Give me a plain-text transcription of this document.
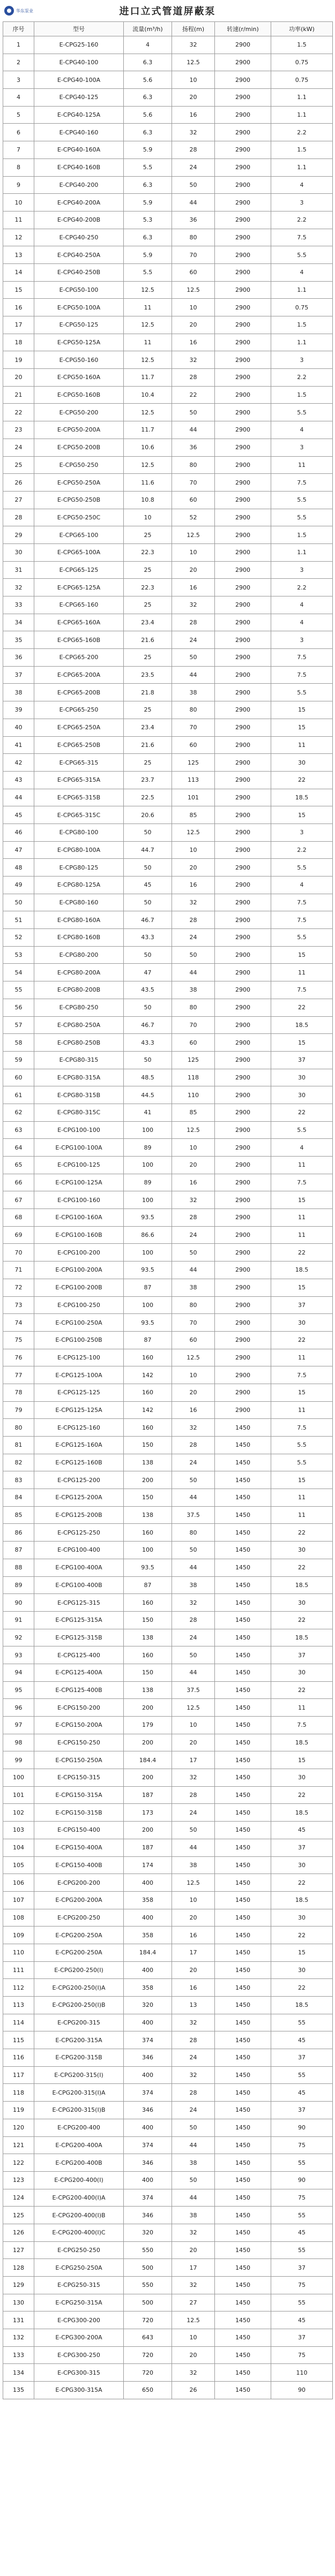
华东泵业	进口立式管道屏蔽泵
序号	型号	流量(m³/h)	扬程(m)	转速(r/min)	功率(kW)
1	E-CPG25-160	4	32	2900	1.5
2	E-CPG40-100	6.3	12.5	2900	0.75
3	E-CPG40-100A	5.6	10	2900	0.75
4	E-CPG40-125	6.3	20	2900	1.1
5	E-CPG40-125A	5.6	16	2900	1.1
6	E-CPG40-160	6.3	32	2900	2.2
7	E-CPG40-160A	5.9	28	2900	1.5
8	E-CPG40-160B	5.5	24	2900	1.1
9	E-CPG40-200	6.3	50	2900	4
10	E-CPG40-200A	5.9	44	2900	3
11	E-CPG40-200B	5.3	36	2900	2.2
12	E-CPG40-250	6.3	80	2900	7.5
13	E-CPG40-250A	5.9	70	2900	5.5
14	E-CPG40-250B	5.5	60	2900	4
15	E-CPG50-100	12.5	12.5	2900	1.1
16	E-CPG50-100A	11	10	2900	0.75
17	E-CPG50-125	12.5	20	2900	1.5
18	E-CPG50-125A	11	16	2900	1.1
19	E-CPG50-160	12.5	32	2900	3
20	E-CPG50-160A	11.7	28	2900	2.2
21	E-CPG50-160B	10.4	22	2900	1.5
22	E-CPG50-200	12.5	50	2900	5.5
23	E-CPG50-200A	11.7	44	2900	4
24	E-CPG50-200B	10.6	36	2900	3
25	E-CPG50-250	12.5	80	2900	11
26	E-CPG50-250A	11.6	70	2900	7.5
27	E-CPG50-250B	10.8	60	2900	5.5
28	E-CPG50-250C	10	52	2900	5.5
29	E-CPG65-100	25	12.5	2900	1.5
30	E-CPG65-100A	22.3	10	2900	1.1
31	E-CPG65-125	25	20	2900	3
32	E-CPG65-125A	22.3	16	2900	2.2
33	E-CPG65-160	25	32	2900	4
34	E-CPG65-160A	23.4	28	2900	4
35	E-CPG65-160B	21.6	24	2900	3
36	E-CPG65-200	25	50	2900	7.5
37	E-CPG65-200A	23.5	44	2900	7.5
38	E-CPG65-200B	21.8	38	2900	5.5
39	E-CPG65-250	25	80	2900	15
40	E-CPG65-250A	23.4	70	2900	15
41	E-CPG65-250B	21.6	60	2900	11
42	E-CPG65-315	25	125	2900	30
43	E-CPG65-315A	23.7	113	2900	22
44	E-CPG65-315B	22.5	101	2900	18.5
45	E-CPG65-315C	20.6	85	2900	15
46	E-CPG80-100	50	12.5	2900	3
47	E-CPG80-100A	44.7	10	2900	2.2
48	E-CPG80-125	50	20	2900	5.5
49	E-CPG80-125A	45	16	2900	4
50	E-CPG80-160	50	32	2900	7.5
51	E-CPG80-160A	46.7	28	2900	7.5
52	E-CPG80-160B	43.3	24	2900	5.5
53	E-CPG80-200	50	50	2900	15
54	E-CPG80-200A	47	44	2900	11
55	E-CPG80-200B	43.5	38	2900	7.5
56	E-CPG80-250	50	80	2900	22
57	E-CPG80-250A	46.7	70	2900	18.5
58	E-CPG80-250B	43.3	60	2900	15
59	E-CPG80-315	50	125	2900	37
60	E-CPG80-315A	48.5	118	2900	30
61	E-CPG80-315B	44.5	110	2900	30
62	E-CPG80-315C	41	85	2900	22
63	E-CPG100-100	100	12.5	2900	5.5
64	E-CPG100-100A	89	10	2900	4
65	E-CPG100-125	100	20	2900	11
66	E-CPG100-125A	89	16	2900	7.5
67	E-CPG100-160	100	32	2900	15
68	E-CPG100-160A	93.5	28	2900	11
69	E-CPG100-160B	86.6	24	2900	11
70	E-CPG100-200	100	50	2900	22
71	E-CPG100-200A	93.5	44	2900	18.5
72	E-CPG100-200B	87	38	2900	15
73	E-CPG100-250	100	80	2900	37
74	E-CPG100-250A	93.5	70	2900	30
75	E-CPG100-250B	87	60	2900	22
76	E-CPG125-100	160	12.5	2900	11
77	E-CPG125-100A	142	10	2900	7.5
78	E-CPG125-125	160	20	2900	15
79	E-CPG125-125A	142	16	2900	11
80	E-CPG125-160	160	32	1450	7.5
81	E-CPG125-160A	150	28	1450	5.5
82	E-CPG125-160B	138	24	1450	5.5
83	E-CPG125-200	200	50	1450	15
84	E-CPG125-200A	150	44	1450	11
85	E-CPG125-200B	138	37.5	1450	11
86	E-CPG125-250	160	80	1450	22
87	E-CPG100-400	100	50	1450	30
88	E-CPG100-400A	93.5	44	1450	22
89	E-CPG100-400B	87	38	1450	18.5
90	E-CPG125-315	160	32	1450	30
91	E-CPG125-315A	150	28	1450	22
92	E-CPG125-315B	138	24	1450	18.5
93	E-CPG125-400	160	50	1450	37
94	E-CPG125-400A	150	44	1450	30
95	E-CPG125-400B	138	37.5	1450	22
96	E-CPG150-200	200	12.5	1450	11
97	E-CPG150-200A	179	10	1450	7.5
98	E-CPG150-250	200	20	1450	18.5
99	E-CPG150-250A	184.4	17	1450	15
100	E-CPG150-315	200	32	1450	30
101	E-CPG150-315A	187	28	1450	22
102	E-CPG150-315B	173	24	1450	18.5
103	E-CPG150-400	200	50	1450	45
104	E-CPG150-400A	187	44	1450	37
105	E-CPG150-400B	174	38	1450	30
106	E-CPG200-200	400	12.5	1450	22
107	E-CPG200-200A	358	10	1450	18.5
108	E-CPG200-250	400	20	1450	30
109	E-CPG200-250A	358	16	1450	22
110	E-CPG200-250A	184.4	17	1450	15
111	E-CPG200-250(I)	400	20	1450	30
112	E-CPG200-250(I)A	358	16	1450	22
113	E-CPG200-250(I)B	320	13	1450	18.5
114	E-CPG200-315	400	32	1450	55
115	E-CPG200-315A	374	28	1450	45
116	E-CPG200-315B	346	24	1450	37
117	E-CPG200-315(I)	400	32	1450	55
118	E-CPG200-315(I)A	374	28	1450	45
119	E-CPG200-315(I)B	346	24	1450	37
120	E-CPG200-400	400	50	1450	90
121	E-CPG200-400A	374	44	1450	75
122	E-CPG200-400B	346	38	1450	55
123	E-CPG200-400(I)	400	50	1450	90
124	E-CPG200-400(I)A	374	44	1450	75
125	E-CPG200-400(I)B	346	38	1450	55
126	E-CPG200-400(I)C	320	32	1450	45
127	E-CPG250-250	550	20	1450	55
128	E-CPG250-250A	500	17	1450	37
129	E-CPG250-315	550	32	1450	75
130	E-CPG250-315A	500	27	1450	55
131	E-CPG300-200	720	12.5	1450	45
132	E-CPG300-200A	643	10	1450	37
133	E-CPG300-250	720	20	1450	75
134	E-CPG300-315	720	32	1450	110
135	E-CPG300-315A	650	26	1450	90
